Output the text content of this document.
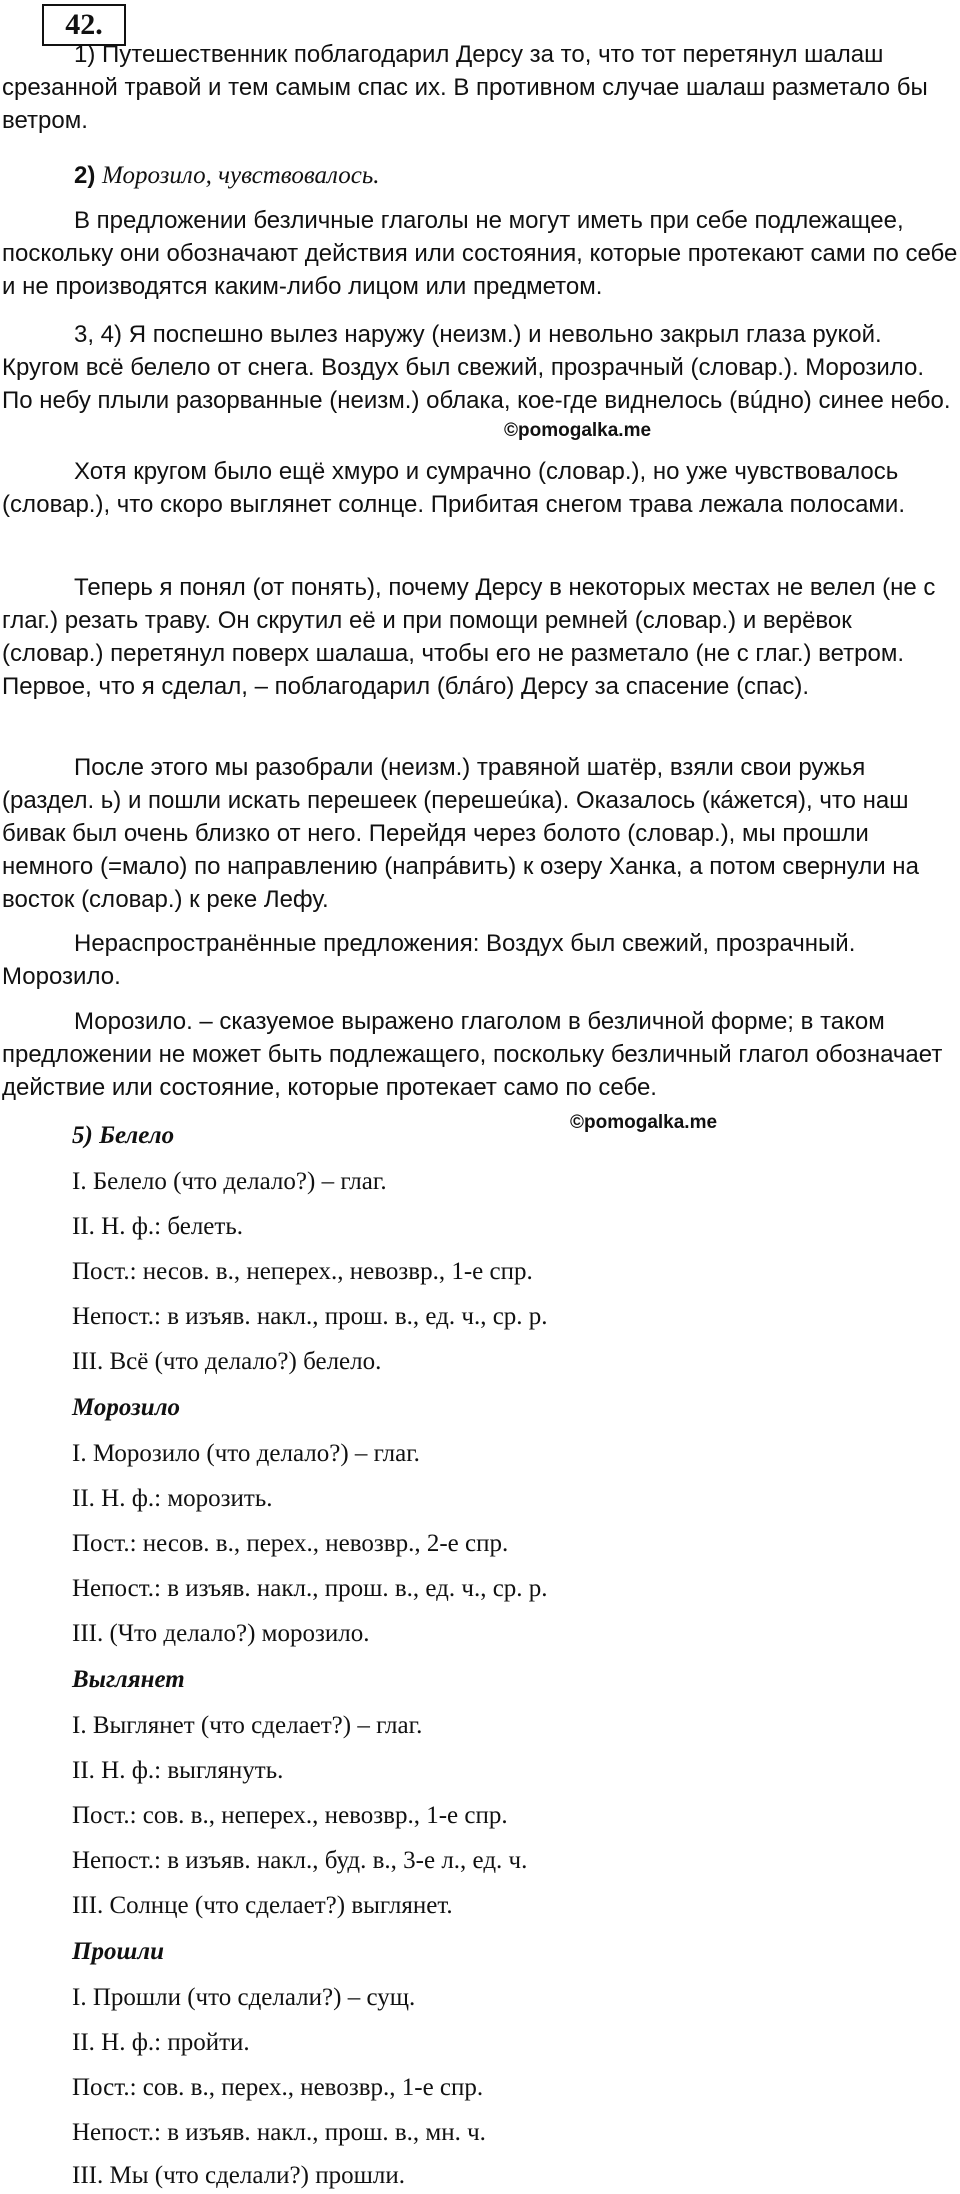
42.

1) Путешественник поблагодарил Дерсу за то, что тот перетянул шалаш срезанной травой и тем самым спас их. В противном случае шалаш разметало бы ветром.

2) Морозило, чувствовалось.

В предложении безличные глаголы не могут иметь при себе подлежащее, поскольку они обозначают действия или состояния, которые протекают сами по себе и не производятся каким-либо лицом или предметом.

3, 4) Я поспешно вылез наружу (неизм.) и невольно закрыл глаза рукой. Кругом всё белело от снега. Воздух был свежий, прозрачный (словар.). Морозило. По небу плыли разорванные (неизм.) облака, кое-где виднелось (вúдно) синее небо.

©pomogalka.me

Хотя кругом было ещё хмуро и сумрачно (словар.), но уже чувствовалось (словар.), что скоро выглянет солнце. Прибитая снегом трава лежала полосами.

Теперь я понял (от понять), почему Дерсу в некоторых местах не велел (не с глаг.) резать траву. Он скрутил её и при помощи ремней (словар.) и верёвок (словар.) перетянул поверх шалаша, чтобы его не разметало (не с глаг.) ветром. Первое, что я сделал, – поблагодарил (блáго) Дерсу за спасение (спас).

После этого мы разобрали (неизм.) травяной шатёр, взяли свои ружья (раздел. ь) и пошли искать перешеек (перешеúка). Оказалось (кáжется), что наш бивак был очень близко от него. Перейдя через болото (словар.), мы прошли немного (=мало) по направлению (напрáвить) к озеру Ханка, а потом свернули на восток (словар.) к реке Лефу.

Нераспространённые предложения: Воздух был свежий, прозрачный. Морозило.

Морозило. – сказуемое выражено глаголом в безличной форме; в таком предложении не может быть подлежащего, поскольку безличный глагол обозначает действие или состояние, которые протекает само по себе.

5) Белело	©pomogalka.me
I. Белело (что делало?) – глаг.
II. Н. ф.: белеть.
Пост.: несов. в., неперех., невозвр., 1-е спр.
Непост.: в изъяв. накл., прош. в., ед. ч., ср. р.
III. Всё (что делало?) белело.
Морозило
I. Морозило (что делало?) – глаг.
II. Н. ф.: морозить.
Пост.: несов. в., перех., невозвр., 2-е спр.
Непост.: в изъяв. накл., прош. в., ед. ч., ср. р.
III. (Что делало?) морозило.
Выглянет
I. Выглянет (что сделает?) – глаг.
II. Н. ф.: выглянуть.
Пост.: сов. в., неперех., невозвр., 1-е спр.
Непост.: в изъяв. накл., буд. в., 3-е л., ед. ч.
III. Солнце (что сделает?) выглянет.
Прошли
I. Прошли (что сделали?) – сущ.
II. Н. ф.: пройти.
Пост.: сов. в., перех., невозвр., 1-е спр.
Непост.: в изъяв. накл., прош. в., мн. ч.
III. Мы (что сделали?) прошли.
